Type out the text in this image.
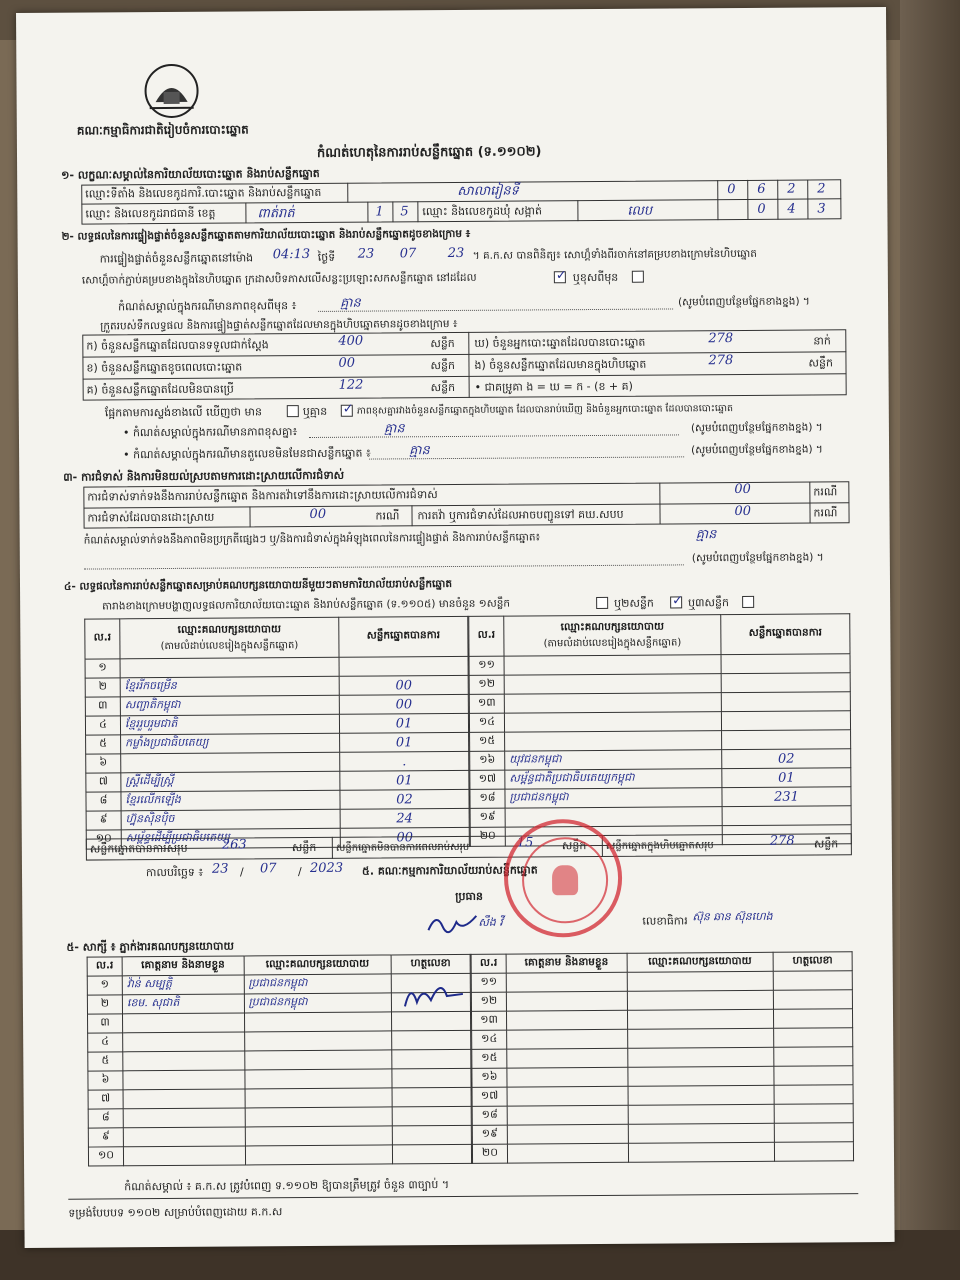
គណៈកម្មាធិការជាតិរៀបចំការបោះឆ្នោត
កំណត់ហេតុនៃការរាប់សន្លឹកឆ្នោត (ទ.១១០២)
១- លក្ខណៈសម្គាល់នៃការិយាល័យបោះឆ្នោត និងរាប់សន្លឹកឆ្នោត
ឈ្មោះទីតាំង និងលេខកូដការិ.បោះឆ្នោត និងរាប់សន្លឹកឆ្នោត	សាលារៀនទី	0 6 2 2
ឈ្មោះ និងលេខកូដរាជធានី ខេត្ត	ពាត់រាត់	1 5 ឈ្មោះ និងលេខកូដឃុំ សង្កាត់	លេប	0 4 3
២- លទ្ធផលនៃការផ្ទៀងផ្ទាត់ចំនួនសន្លឹកឆ្នោតតាមការិយាល័យបោះឆ្នោត និងរាប់សន្លឹកឆ្នោតដូចខាងក្រោម ៖
ការផ្ទៀងផ្ទាត់ចំនួនសន្លឹកឆ្នោតនៅម៉ោង 04:13 ថ្ងៃទី 23 07 23 ។ គ.ក.ស បានពិនិត្យ៖ សោហ្គ៏ទាំងពីរចាក់នៅគម្របខាងក្រោមនៃហិបឆ្នោត
សោហ្គ៏ចាក់ភ្ជាប់គម្របខាងក្នុងនៃហិបឆ្នោត ក្រដាសបិទភាសលើសន្លះប្រឡោះសកសន្លឹកឆ្នោត នៅដដែល	✓ ឬខុសពីមុន
កំណត់សម្គាល់ក្នុងករណីមានភាពខុសពីមុន ៖	គ្មាន	(សូមបំពេញបន្ថែមផ្នែកខាងខ្នង) ។
ក្រួតរបស់ទឹកលទ្ធផល និងការផ្ទៀងផ្ទាត់សន្លឹកឆ្នោតដែលមានក្នុងហិបឆ្នោតមានដូចខាងក្រោម ៖
ក) ចំនួនសន្លឹកឆ្នោតដែលបានទទួលជាក់ស្តែង	400	សន្លឹក
ខ) ចំនួនសន្លឹកឆ្នោតខូចពេលបោះឆ្នោត	00	សន្លឹក
គ) ចំនួនសន្លឹកឆ្នោតដែលមិនបានប្រើ	122	សន្លឹក
ឃ) ចំនួនអ្នកបោះឆ្នោតដែលបានបោះឆ្នោត	278	នាក់
ង) ចំនួនសន្លឹកឆ្នោតដែលមានក្នុងហិបឆ្នោត	278	សន្លឹក
• ជាគម្រូគា ង = ឃ = ក - (ខ + គ)
ផ្អែកតាមការស្ទង់ខាងលើ ឃើញថា មាន	ឬគ្មាន ✓ ភាពខុសគ្នារវាងចំនួនសន្លឹកឆ្នោតក្នុងហិបឆ្នោត ដែលបានរាប់ឃើញ និងចំនួនអ្នកបោះឆ្នោត ដែលបានបោះឆ្នោត
• កំណត់សម្គាល់ក្នុងករណីមានភាពខុសគ្នា៖	គ្មាន	(សូមបំពេញបន្ថែមផ្នែកខាងខ្នង) ។
• កំណត់សម្គាល់ក្នុងករណីមានតួលេខមិនមែនជាសន្លឹកឆ្នោត ៖	គ្មាន	(សូមបំពេញបន្ថែមផ្នែកខាងខ្នង) ។
៣- ការជំទាស់ និងការមិនយល់ស្របតាមការដោះស្រាយលើការជំទាស់
ការជំទាស់ទាក់ទងនឹងការរាប់សន្លឹកឆ្នោត និងការតវ៉ាទៅនឹងការដោះស្រាយលើការជំទាស់	00	ករណី
ការជំទាស់ដែលបានដោះស្រាយ	00	ករណី ការតវ៉ា ឬការជំទាស់ដែលអាចបញ្ជូនទៅ គឃ.សបប	00	ករណី
កំណត់សម្គាល់ទាក់ទងនឹងភាពមិនប្រក្រតីផ្សេងៗ ឬ/និងការជំទាស់ក្នុងអំឡុងពេលនៃការផ្ទៀងផ្ទាត់ និងការរាប់សន្លឹកឆ្នោត៖	គ្មាន
(សូមបំពេញបន្ថែមផ្នែកខាងខ្នង) ។
៤- លទ្ធផលនៃការរាប់សន្លឹកឆ្នោតសម្រាប់គណបក្សនយោបាយនីមួយៗតាមការិយាល័យរាប់សន្លឹកឆ្នោត
តារាងខាងក្រោមបង្ហាញលទ្ធផលការិយាល័យបោះឆ្នោត និងរាប់សន្លឹកឆ្នោត (ទ.១១០៥) មានចំនួន ១សន្លឹក	ឬ២សន្លឹក ✓ ឬ៣សន្លឹក
ល.រ	ឈ្មោះគណបក្សនយោបាយ
(តាមលំដាប់លេខរៀងក្នុងសន្លឹកឆ្នោត)	សន្លឹកឆ្នោតបានការ
១		
២	ខ្មែររីកចម្រើន	00
៣	សញ្ជាតិកម្ពុជា	00
៤	ខ្មែររួបរួមជាតិ	01
៥	កម្លាំងប្រជាធិបតេយ្យ	01
៦		.
៧	ស្រ្តីដើម្បីស្ត្រី	01
៨	ខ្មែរលើកឡើង	02
៩	ហ្វ៊ុនស៊ិនប៉ិច	24
១០	សម្ព័ន្ធដើម្បីប្រជាធិបតេយ្យ	00
ល.រ	ឈ្មោះគណបក្សនយោបាយ
(តាមលំដាប់លេខរៀងក្នុងសន្លឹកឆ្នោត)	សន្លឹកឆ្នោតបានការ
១១		
១២		
១៣		
១៤		
១៥		
១៦	យុវជនកម្ពុជា	02
១៧	សម្ព័ន្ធជាតិប្រជាធិបតេយ្យកម្ពុជា	01
១៨	ប្រជាជនកម្ពុជា	231
១៩		
២០		
សន្លឹកឆ្នោតបានការសរុប	263	សន្លឹក សន្លឹកឆ្នោតមិនបានការពេលរាប់សរុប	15	សន្លឹក សន្លឹកឆ្នោតក្នុងហិបឆ្នោតសរុប	278 សន្លឹក
កាលបរិច្ឆេទ ៖ 23 / 07 / 2023 ៥. គណៈកម្មការការិយាល័យរាប់សន្លឹកឆ្នោត
ប្រធាន
សឹង វី	លេខាធិការ ស៊ុន ឆាន ស៊ុនហេង
៥- សាក្សី ៖ ភ្នាក់ងារគណបក្សនយោបាយ
ល.រ	គោត្តនាម និងនាមខ្លួន	ឈ្មោះគណបក្សនយោបាយ	ហត្ថលេខា
១	វ៉ាន់ សម្បត្តិ	ប្រជាជនកម្ពុជា	
២	ខេម. សុជាតិ	ប្រជាជនកម្ពុជា	
៣			
៤			
៥			
៦			
៧			
៨			
៩			
១០			
ល.រ	គោត្តនាម និងនាមខ្លួន	ឈ្មោះគណបក្សនយោបាយ	ហត្ថលេខា
១១			
១២			
១៣			
១៤			
១៥			
១៦			
១៧			
១៨			
១៩			
២០			
កំណត់សម្គាល់ ៖ គ.ក.ស ត្រូវបំពេញ ទ.១១០២ ឱ្យបានត្រឹមត្រូវ ចំនួន ៣ច្បាប់ ។
ទម្រង់បែបបទ ១១០២ សម្រាប់បំពេញដោយ គ.ក.ស
